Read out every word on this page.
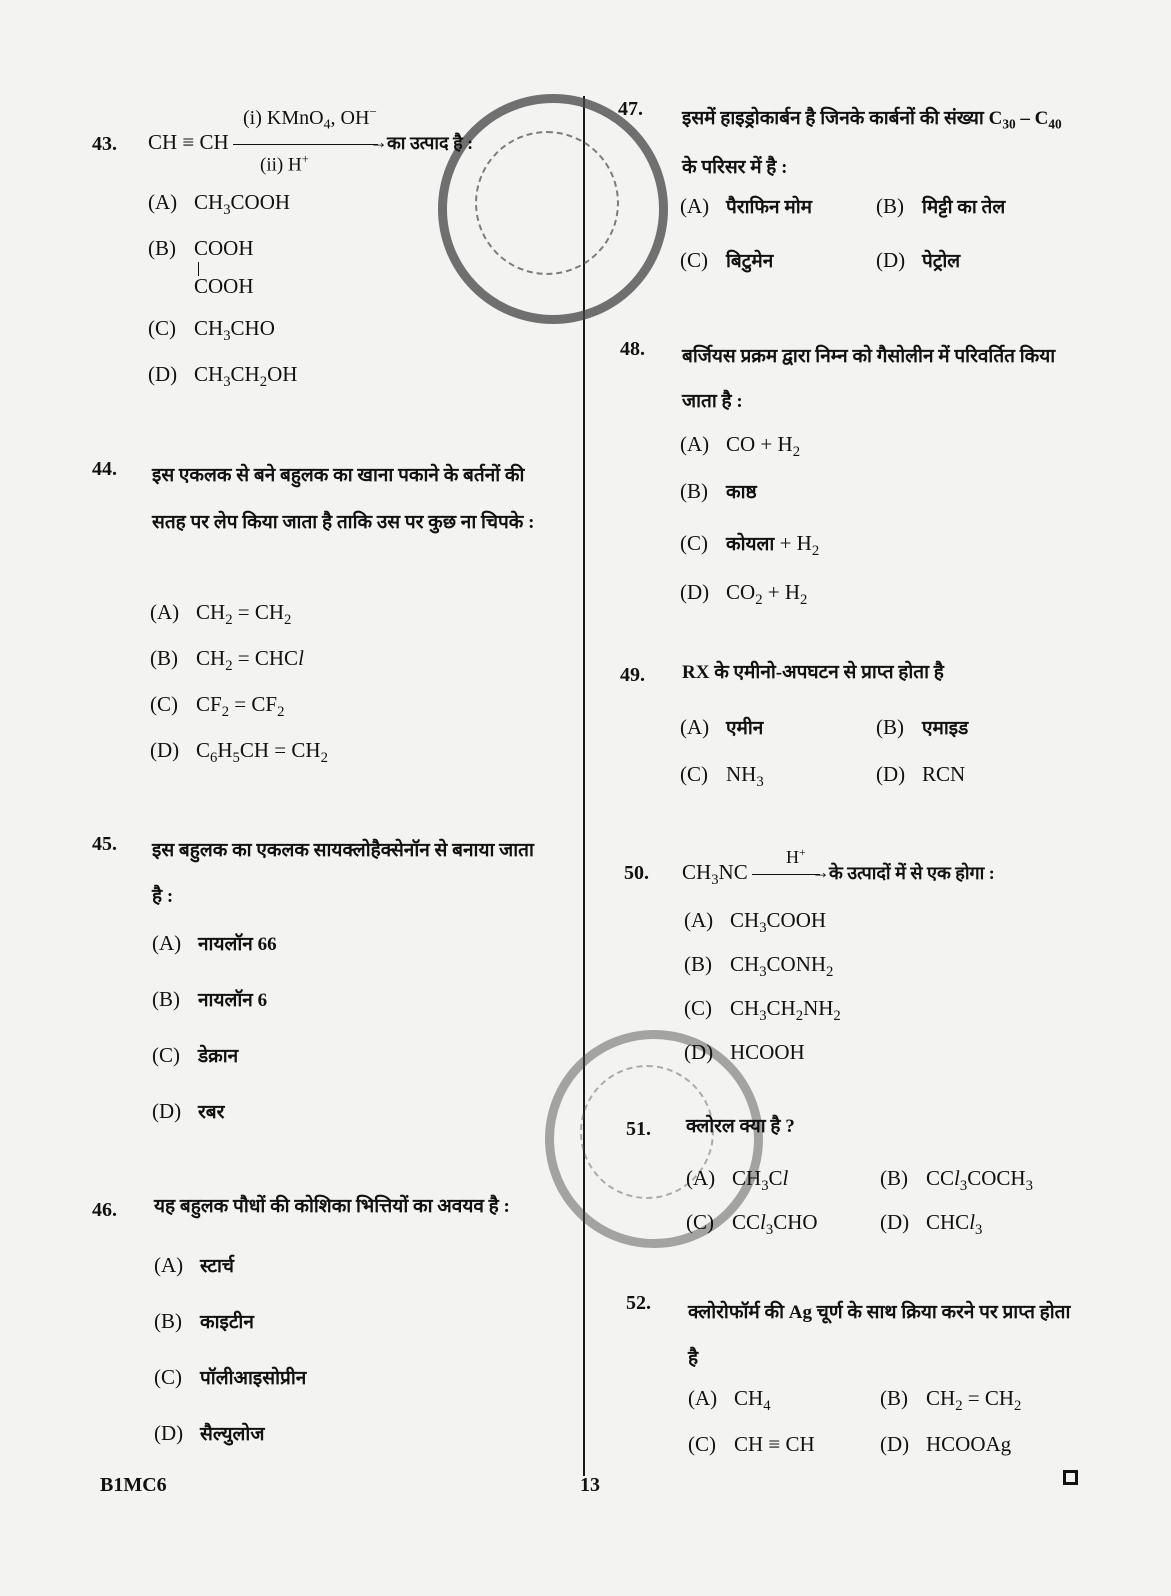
43.
(i) KMnO$_4$, OH−
CH ≡ CH →	का उत्पाद है :
(ii) H+
(A) $CH_3COOH$
(B) COOH
COOH
(C) $CH_3CHO$
(D) $CH_3CH_2OH$
44. इस एकलक से बने बहुलक का खाना पकाने के बर्तनों की सतह पर लेप किया जाता है ताकि उस पर कुछ ना चिपके :
(A) $CH_2 = CH_2$
(B) $CH_2$ = CHCl
(C) $CF_2 = CF_2$
(D) $C_6H_5CH = CH_2$
45. इस बहुलक का एकलक सायक्लोहैक्सेनॉन से बनाया जाता है :
(A) नायलॉन 66
(B) नायलॉन 6
(C) डेक्रान
(D) रबर
46. यह बहुलक पौधों की कोशिका भित्तियों का अवयव है :
(A) स्टार्च
(B) काइटीन
(C) पॉलीआइसोप्रीन
(D) सैल्युलोज
47. इसमें हाइड्रोकार्बन है जिनके कार्बनों की संख्या $C_{30} - C_{40}$ के परिसर में है :
(A) पैराफिन मोम	(B) मिट्टी का तेल
(C) बिटुमेन	(D) पेट्रोल
48. बर्जियस प्रक्रम द्वारा निम्न को गैसोलीन में परिवर्तित किया जाता है :
(A) CO + $H_2$
(B) काष्ठ
(C) कोयला + $H_2$
(D) $CO_2 + H_2$
49. RX के एमीनो-अपघटन से प्राप्त होता है
(A) एमीन	(B) एमाइड
(C) $NH_3$	(D) RCN
50.
H+
$CH_3NC$ →	के उत्पादों में से एक होगा :
(A) $CH_3COOH$
(B) $CH_3CONH_2$
(C) $CH_3CH_2NH_2$
(D) HCOOH
51. क्लोरल क्या है ?
(A) $CH_3Cl$	(B) $CCl_3COCH_3$
(C) CCl$_3$CHO	(D) CHCl$_3$
52. क्लोरोफॉर्म की Ag चूर्ण के साथ क्रिया करने पर प्राप्त होता है
(A) $CH_4$	(B) $CH_2 = CH_2$
(C) CH ≡ CH	(D) HCOOAg
B1MC6	13
